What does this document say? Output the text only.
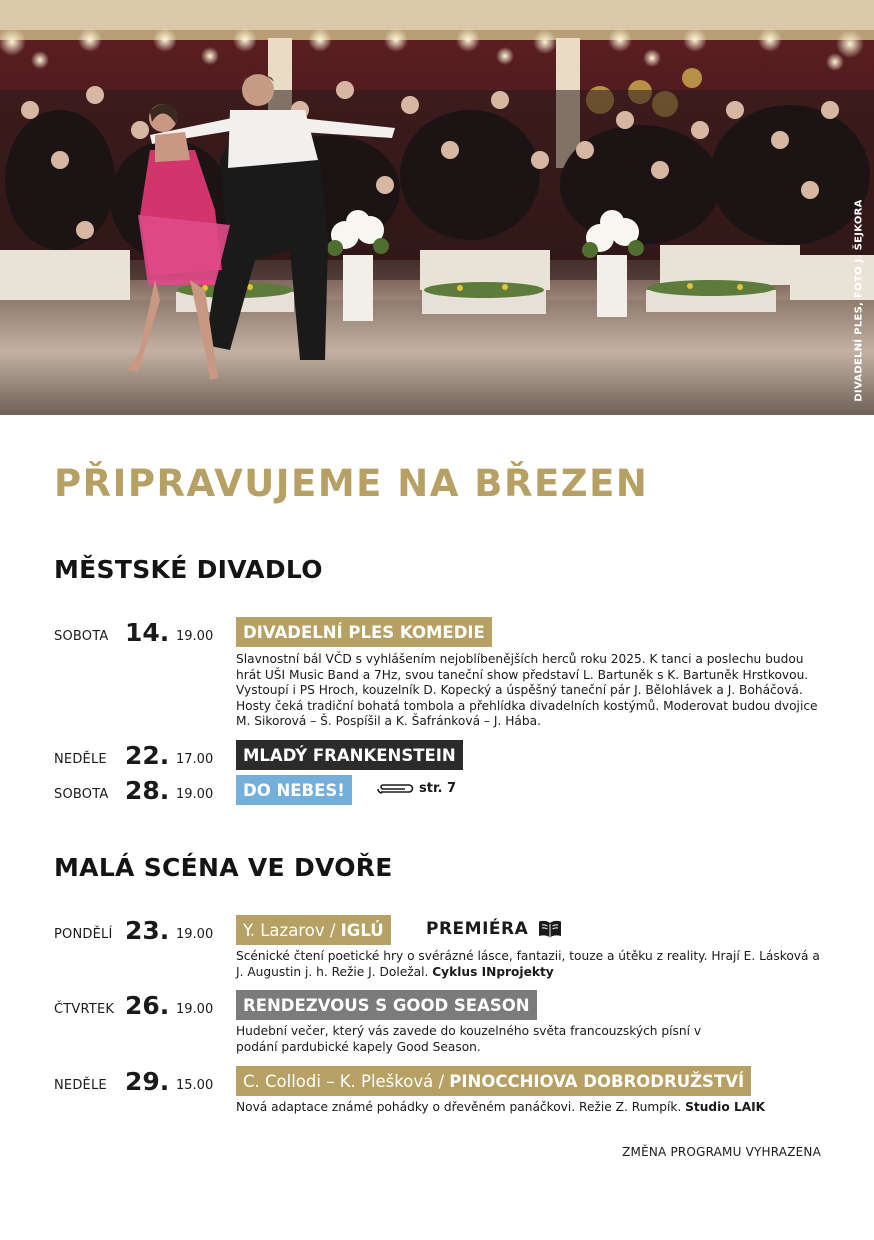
DIVADELNÍ PLES, FOTO J. ŠEJKORA
PŘIPRAVUJEME NA BŘEZEN
MĚSTSKÉ DIVADLO
SOBOTA 14. 19.00 DIVADELNÍ PLES KOMEDIE

Slavnostní bál VČD s vyhlášením nejoblíbenějších herců roku 2025. K tanci a poslechu budou hrát UŠI Music Band a 7Hz, svou taneční show představí L. Bartuněk s K. Bartuněk Hrstkovou. Vystoupí i PS Hroch, kouzelník D. Kopecký a úspěšný taneční pár J. Bělohlávek a J. Boháčová. Hosty čeká tradiční bohatá tombola a přehlídka divadelních kostýmů. Moderovat budou dvojice M. Sikorová – Š. Pospíšil a K. Šafránková – J. Hába.

NEDĚLE 22. 17.00 MLADÝ FRANKENSTEIN
SOBOTA 28. 19.00 DO NEBES!	str. 7
MALÁ SCÉNA VE DVOŘE
PONDĚLÍ 23. 19.00 Y. Lazarov /
IGLÚ PREMIÉRA

Scénické čtení poetické hry o svérázné lásce, fantazii, touze a útěku z reality. Hrají E. Lásková a J. Augustin j. h. Režie J. Doležal. Cyklus INprojekty

ČTVRTEK 26. 19.00 RENDEZVOUS S GOOD SEASON

Hudební večer, který vás zavede do kouzelného světa francouzských písní v podání pardubické kapely Good Season.

NEDĚLE 29. 15.00 C. Collodi – K. Plešková /
PINOCCHIOVA DOBRODRUŽSTVÍ

Nová adaptace známé pohádky o dřevěném panáčkovi. Režie Z. Rumpík. Studio LAIK

ZMĚNA PROGRAMU VYHRAZENA
